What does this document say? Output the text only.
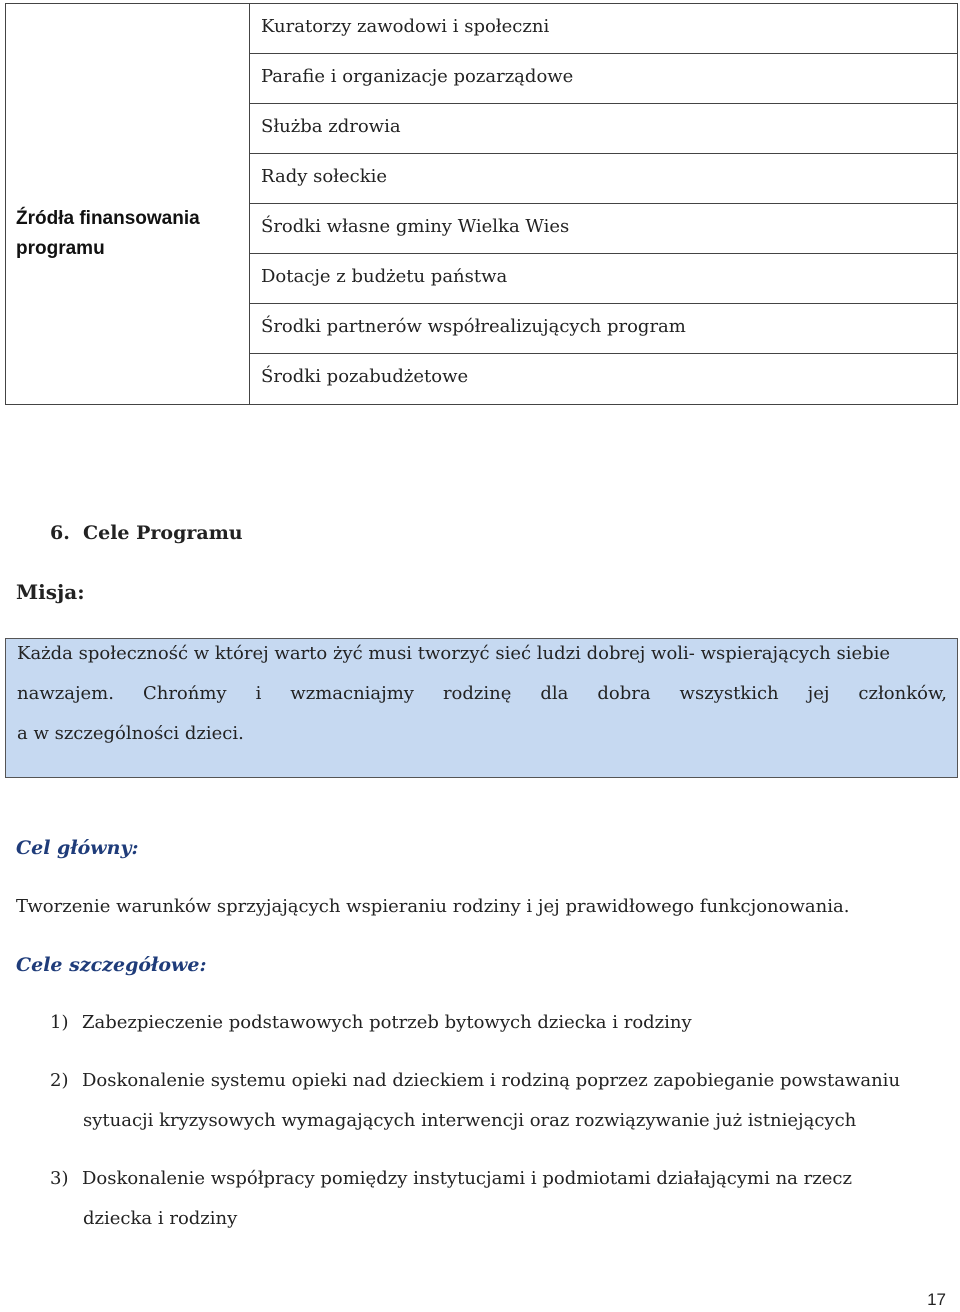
Źródła finansowania programu
Kuratorzy zawodowi i społeczni
Parafie i organizacje pozarządowe
Służba zdrowia
Rady sołeckie
Środki własne gminy Wielka Wies
Dotacje z budżetu państwa
Środki partnerów współrealizujących program
Środki pozabudżetowe
6. Cele Programu
Misja:
Każda społeczność w której warto żyć musi tworzyć sieć ludzi dobrej woli- wspierających siebie
nawzajem. Chrońmy i wzmacniajmy rodzinę dla dobra wszystkich jej członków,
a w szczególności dzieci.
Cel główny:
Tworzenie warunków sprzyjających wspieraniu rodziny i jej prawidłowego funkcjonowania.
Cele szczegółowe:
1) Zabezpieczenie podstawowych potrzeb bytowych dziecka i rodziny
2) Doskonalenie systemu opieki nad dzieckiem i rodziną poprzez zapobieganie powstawaniu
sytuacji kryzysowych wymagających interwencji oraz rozwiązywanie już istniejących
3) Doskonalenie współpracy pomiędzy instytucjami i podmiotami działającymi na rzecz
dziecka i rodziny
17
